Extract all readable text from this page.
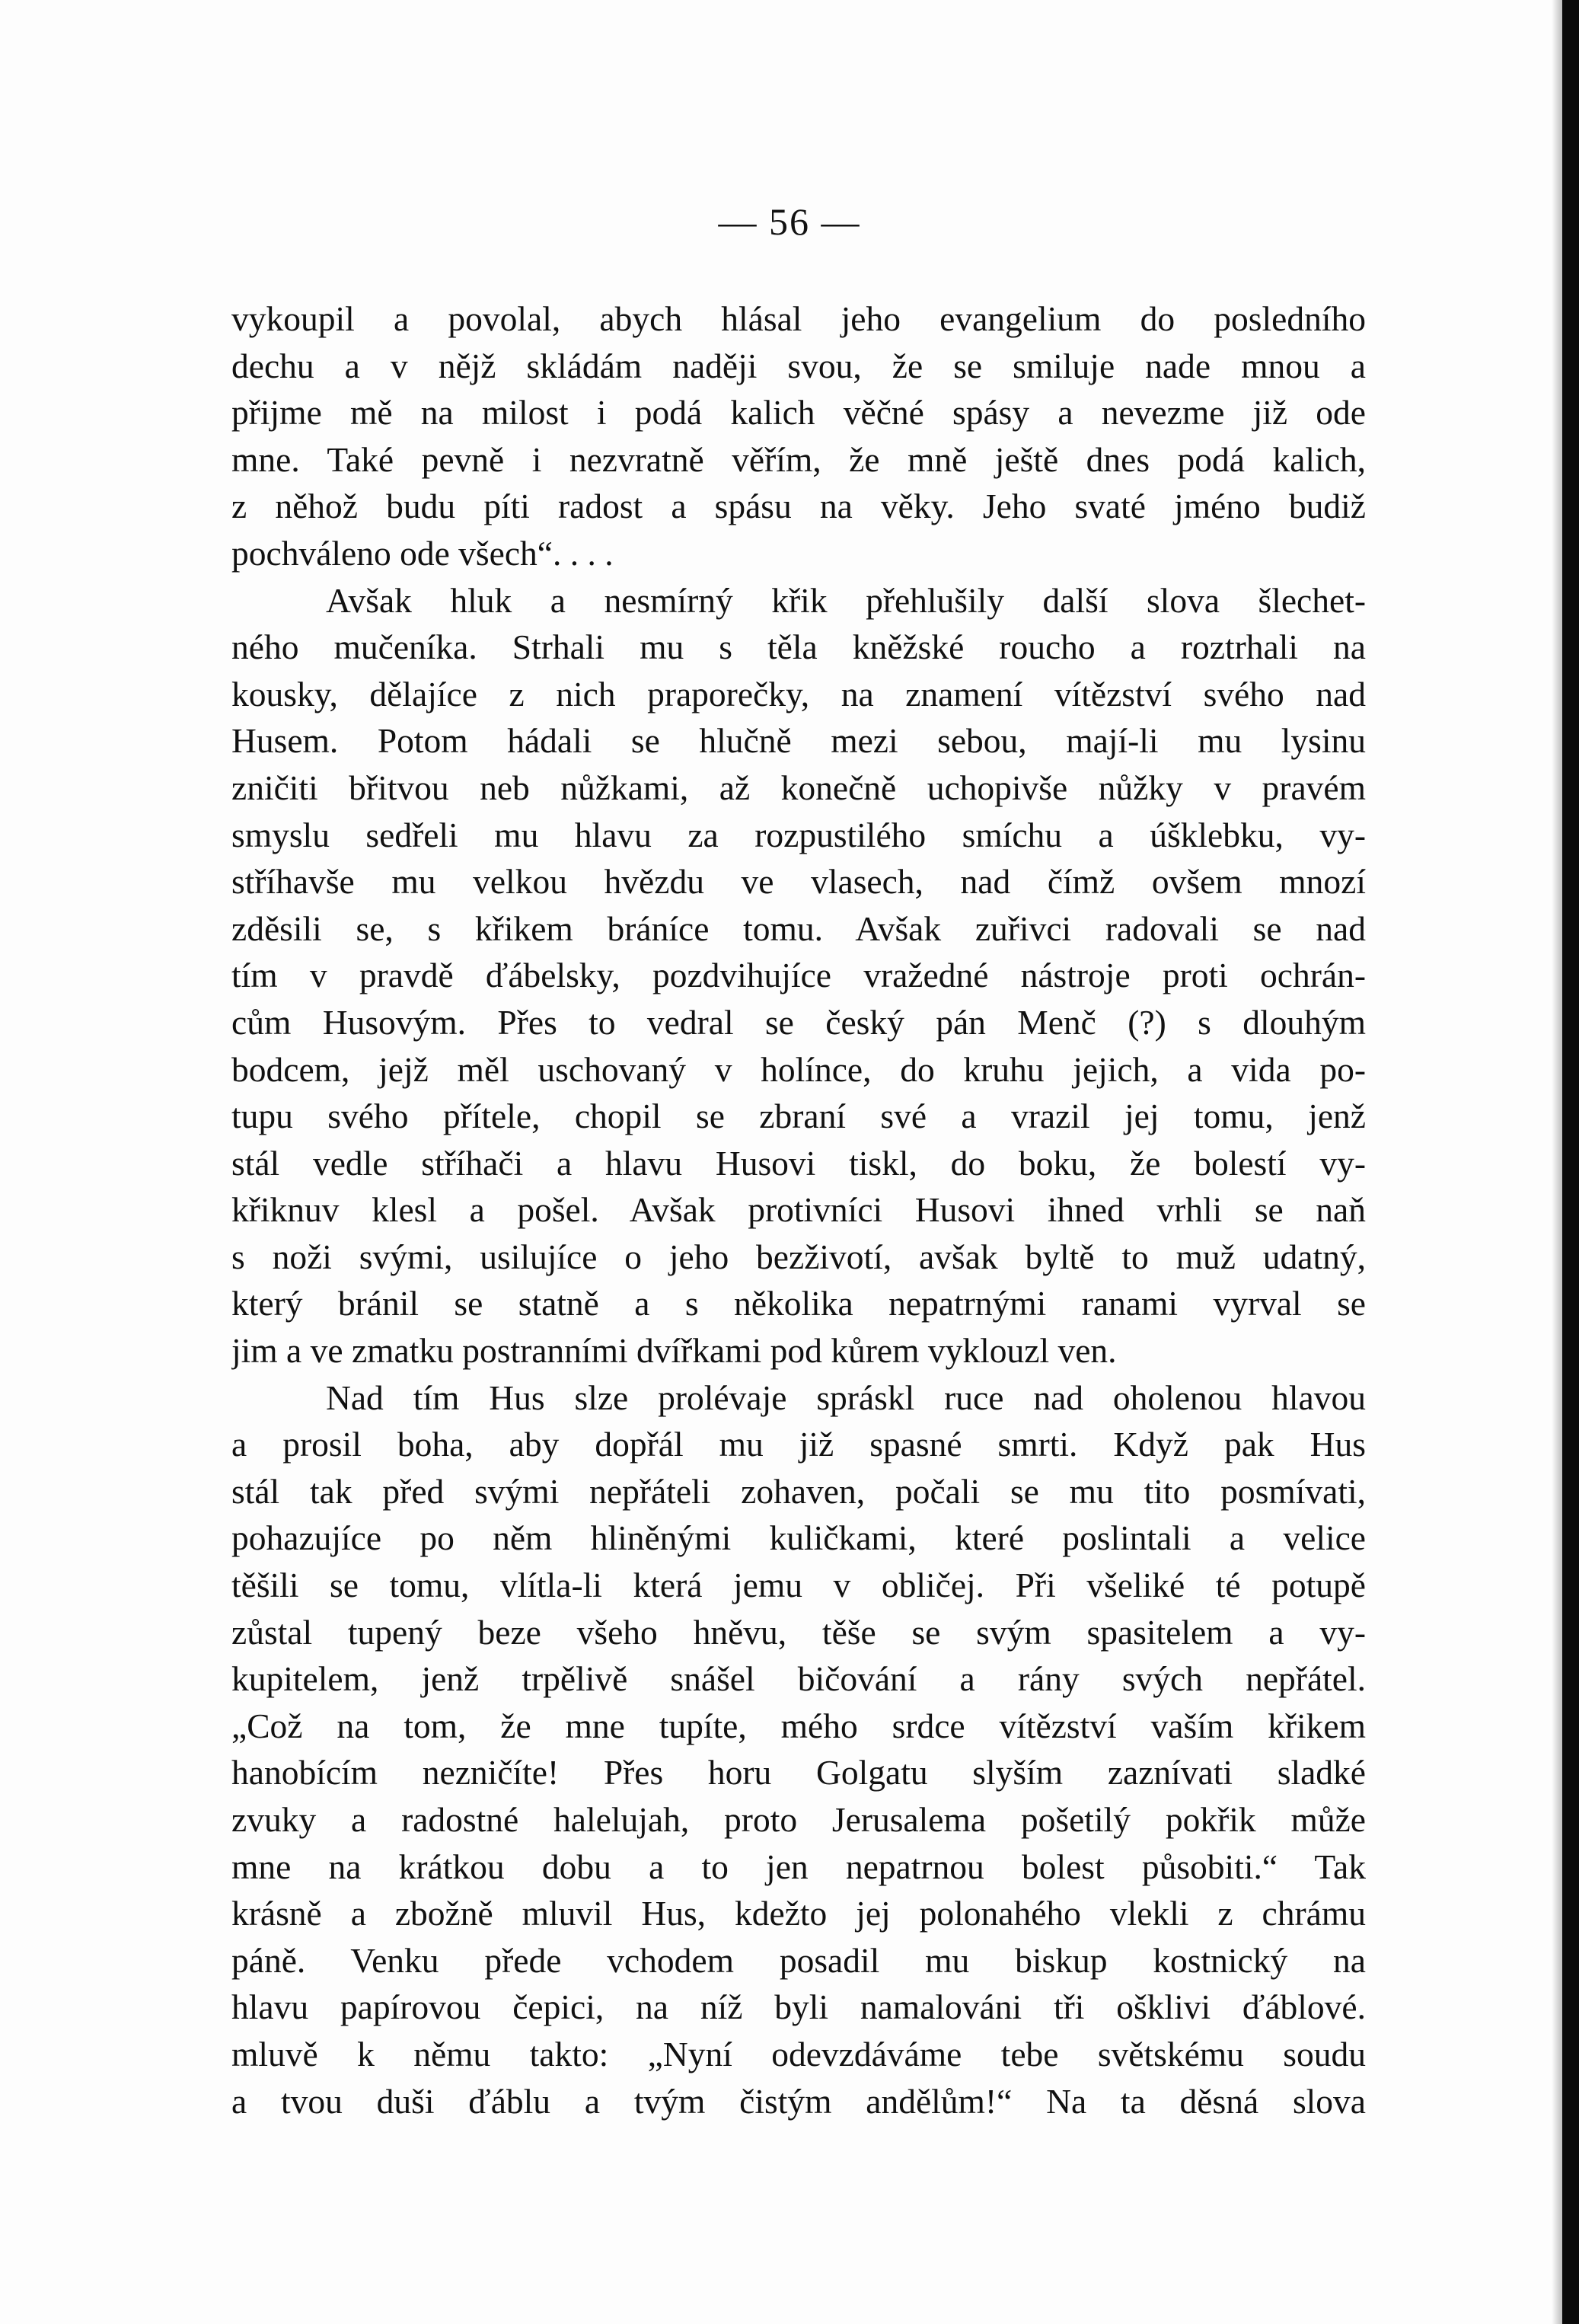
— 56 —
vykoupil a povolal, abych hlásal jeho evangelium do posledního
dechu a v nějž skládám naději svou, že se smiluje nade mnou a
přijme mě na milost i podá kalich věčné spásy a nevezme již ode
mne. Také pevně i nezvratně věřím, že mně ještě dnes podá kalich,
z něhož budu píti radost a spásu na věky. Jeho svaté jméno budiž
pochváleno ode všech“. . . .
Avšak hluk a nesmírný křik přehlušily další slova šlechet-
ného mučeníka. Strhali mu s těla kněžské roucho a roztrhali na
kousky, dělajíce z nich praporečky, na znamení vítězství svého nad
Husem. Potom hádali se hlučně mezi sebou, mají-li mu lysinu
zničiti břitvou neb nůžkami, až konečně uchopivše nůžky v pravém
smyslu sedřeli mu hlavu za rozpustilého smíchu a úšklebku, vy-
stříhavše mu velkou hvězdu ve vlasech, nad čímž ovšem mnozí
zděsili se, s křikem bráníce tomu. Avšak zuřivci radovali se nad
tím v pravdě ďábelsky, pozdvihujíce vražedné nástroje proti ochrán-
cům Husovým. Přes to vedral se český pán Menč (?) s dlouhým
bodcem, jejž měl uschovaný v holínce, do kruhu jejich, a vida po-
tupu svého přítele, chopil se zbraní své a vrazil jej tomu, jenž
stál vedle stříhači a hlavu Husovi tiskl, do boku, že bolestí vy-
křiknuv klesl a pošel. Avšak protivníci Husovi ihned vrhli se naň
s noži svými, usilujíce o jeho bezživotí, avšak byltě to muž udatný,
který bránil se statně a s několika nepatrnými ranami vyrval se
jim a ve zmatku postranními dvířkami pod kůrem vyklouzl ven.
Nad tím Hus slze prolévaje spráskl ruce nad oholenou hlavou
a prosil boha, aby dopřál mu již spasné smrti. Když pak Hus
stál tak před svými nepřáteli zohaven, počali se mu tito posmívati,
pohazujíce po něm hliněnými kuličkami, které poslintali a velice
těšili se tomu, vlítla-li která jemu v obličej. Při všeliké té potupě
zůstal tupený beze všeho hněvu, těše se svým spasitelem a vy-
kupitelem, jenž trpělivě snášel bičování a rány svých nepřátel.
„Což na tom, že mne tupíte, mého srdce vítězství vaším křikem
hanobícím nezničíte! Přes horu Golgatu slyším zaznívati sladké
zvuky a radostné halelujah, proto Jerusalema pošetilý pokřik může
mne na krátkou dobu a to jen nepatrnou bolest působiti.“ Tak
krásně a zbožně mluvil Hus, kdežto jej polonahého vlekli z chrámu
páně. Venku přede vchodem posadil mu biskup kostnický na
hlavu papírovou čepici, na níž byli namalováni tři ošklivi ďáblové.
mluvě k němu takto: „Nyní odevzdáváme tebe světskému soudu
a tvou duši ďáblu a tvým čistým andělům!“ Na ta děsná slova
